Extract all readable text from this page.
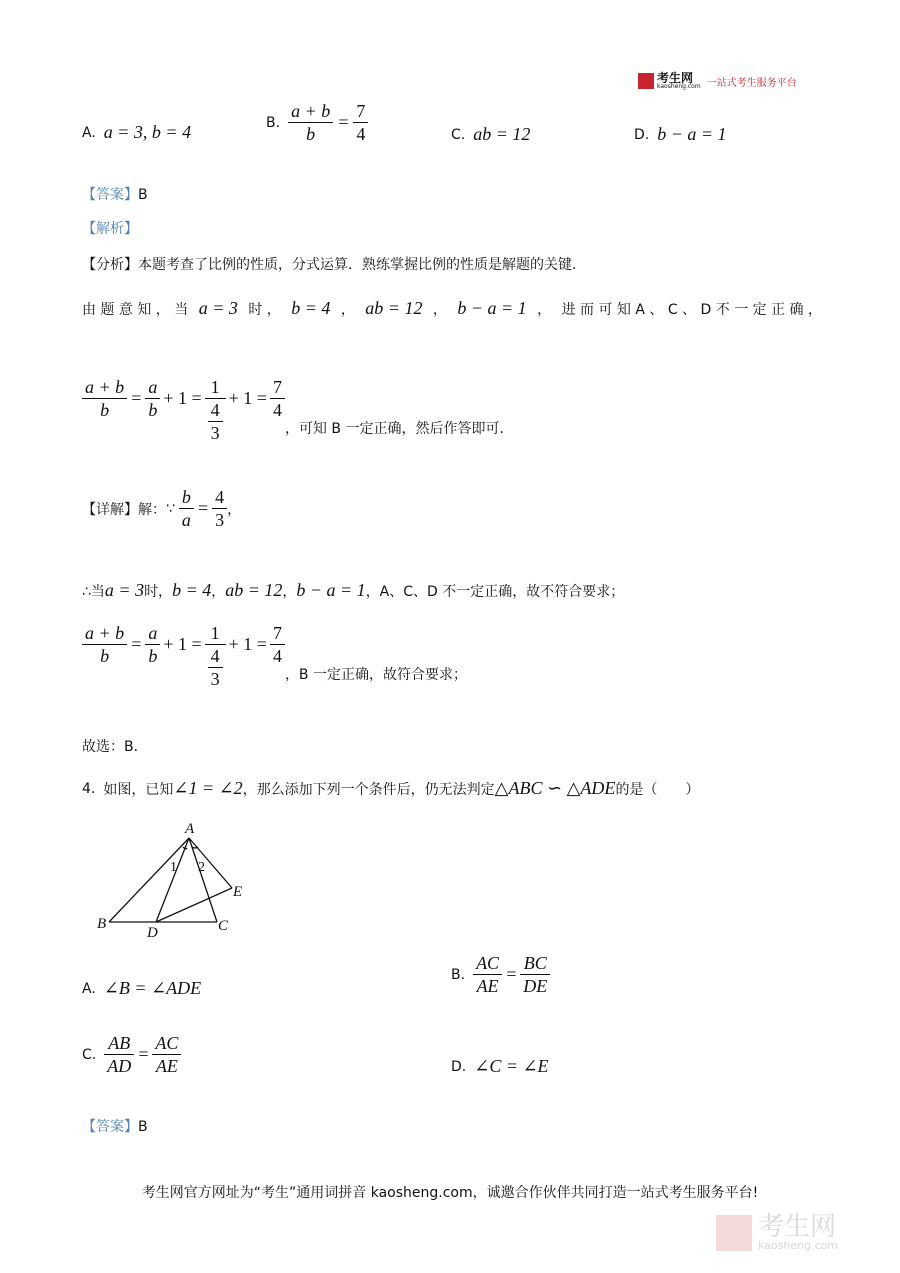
考生网
kaosheng.com 一站式考生服务平台
A. a = 3, b = 4	B. $\frac{a + b}{b} = \frac{7}{4}$	C. ab = 12	D. b − a = 1
【答案】B
【解析】
【分析】本题考查了比例的性质，分式运算．熟练掌握比例的性质是解题的关键．
由 题 意 知 ， 当 a = 3 时 ， b = 4 ， ab = 12 ， b − a = 1 ， 进 而 可 知 A 、 C 、 D 不 一 定 正 确 ，
$\frac{a + b}{b} = \frac{a}{b} + 1 = \frac{1}{\frac{4}{3}} + 1 = \frac{7}{4}$
，可知 B 一定正确，然后作答即可．
【详解】 解： ∵ $\frac{b}{a} = \frac{4}{3}$ ，
∴当 a = 3 时， b = 4 ， ab = 12 ， b − a = 1 ，A、C、D 不一定正确，故不符合要求；
$\frac{a + b}{b} = \frac{a}{b} + 1 = \frac{1}{\frac{4}{3}} + 1 = \frac{7}{4}$
，B 一定正确，故符合要求；
故选：B．
4. 如图，已知 ∠1 = ∠2 ，那么添加下列一个条件后，仍无法判定 △ABC ∽ △ADE 的是（　　）
A
B	C
D
E
1 2
A. ∠B = ∠ADE
B. $\frac{AC}{AE} = \frac{BC}{DE}$
C. $\frac{AB}{AD} = \frac{AC}{AE}$	D. ∠C = ∠E
【答案】B
考生网官方网址为“考生”通用词拼音 kaosheng.com，诚邀合作伙伴共同打造一站式考生服务平台!
考生网
kaosheng.com
